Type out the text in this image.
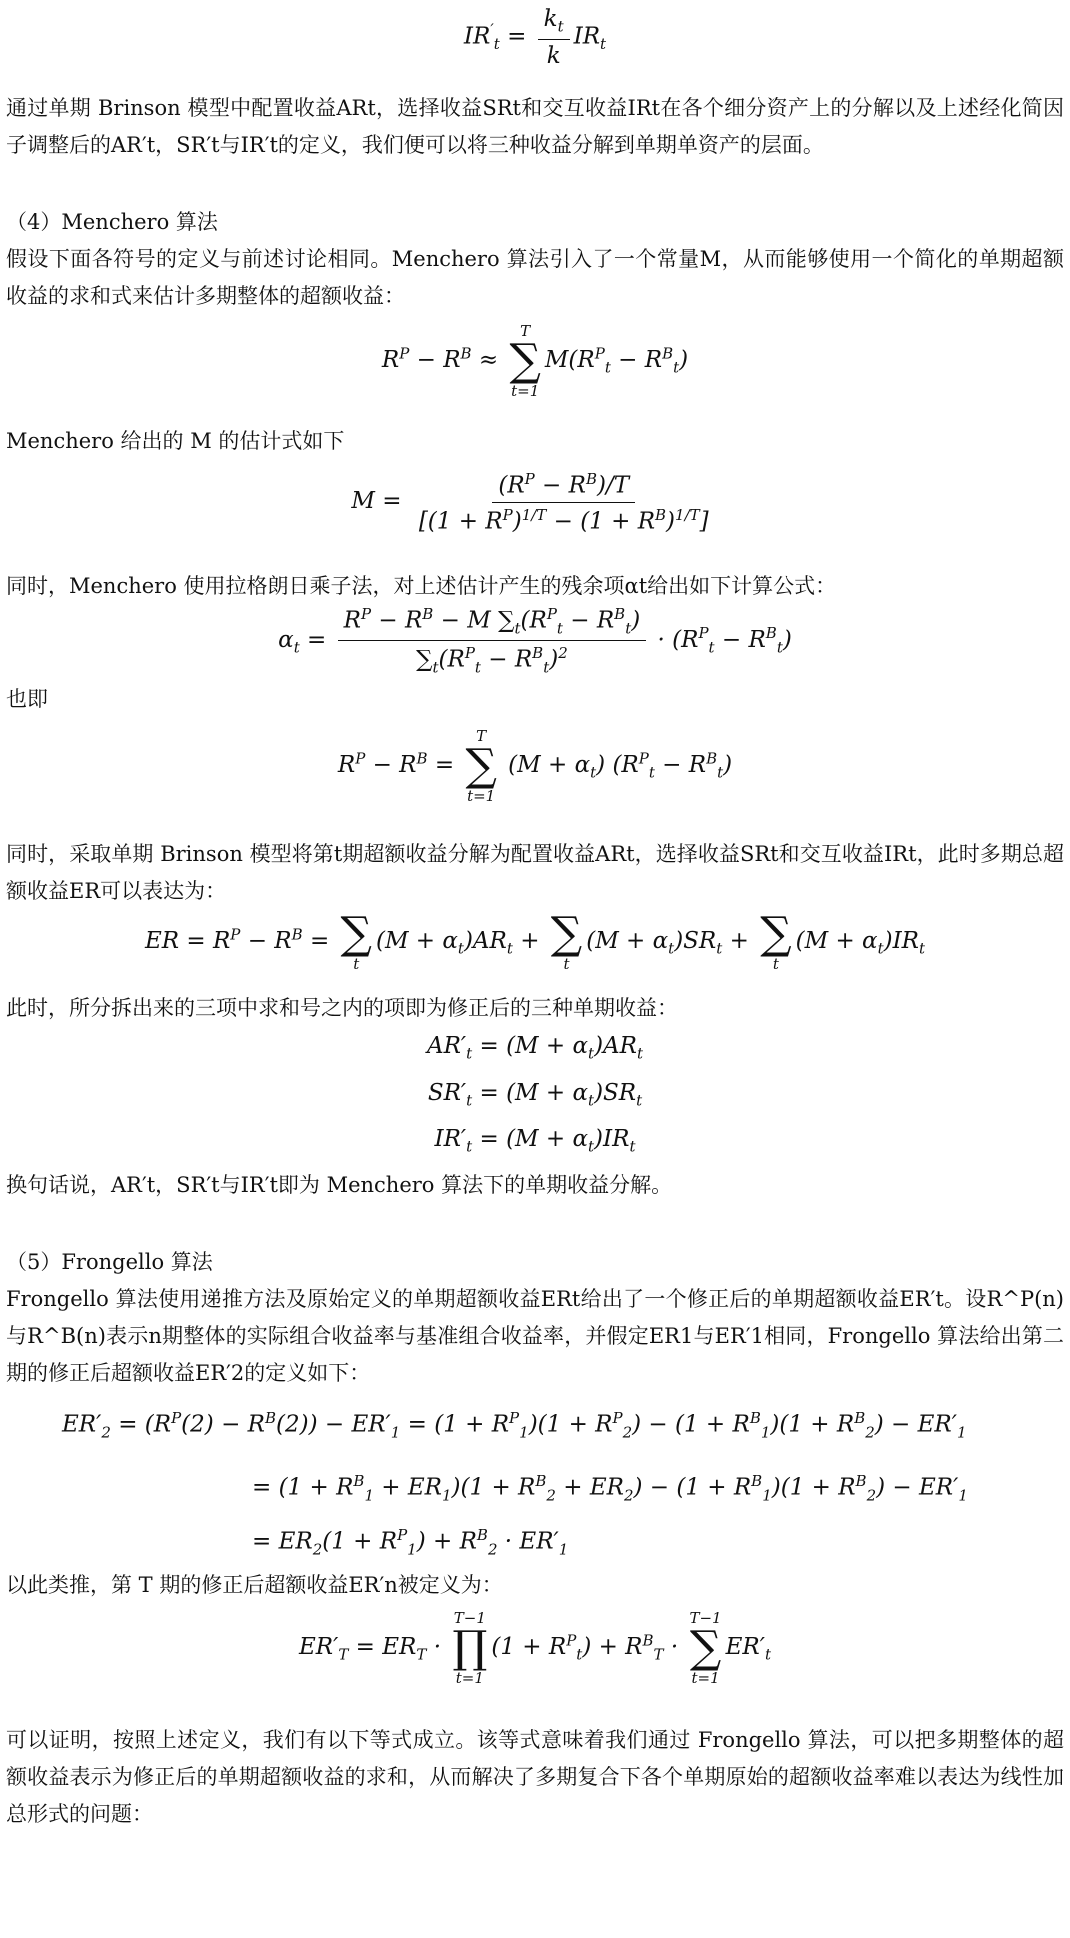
$IR'_t = \frac{k_t}{k} IR_t$

通过单期 Brinson 模型中配置收益ARt，选择收益SRt和交互收益IRt在各个细分资产上的分解以及上述经化简因子调整后的AR′t，SR′t与IR′t的定义，我们便可以将三种收益分解到单期单资产的层面。

（4）Menchero 算法

假设下面各符号的定义与前述讨论相同。Menchero 算法引入了一个常量M，从而能够使用一个简化的单期超额收益的求和式来估计多期整体的超额收益：

$R^P - R^B$ ≈
T
∑
t=1
$M(R^P_t - R^B_t)$

Menchero 给出的 M 的估计式如下

$M = \frac{(R^P - R^B)/T}{[(1 + R^P)^{1/T} - (1 + R^B)^{1/T}]}$

同时，Menchero 使用拉格朗日乘子法，对上述估计产生的残余项αt给出如下计算公式：

$\alpha_t = \frac{R^P - R^B - M \sum_t(R^P_t - R^B_t)}{\sum_t(R^P_t - R^B_t)^2} \cdot (R^P_t - R^B_t)$

也即

$R^P - R^B$ =
T
∑
t=1
$(M + \alpha_t)$ $(R^P_t - R^B_t)$

同时，采取单期 Brinson 模型将第t期超额收益分解为配置收益ARt，选择收益SRt和交互收益IRt，此时多期总超额收益ER可以表达为：

ER = $R^P - R^B$ = ∑
t
$(M + \alpha_t)AR_t$ + ∑
t
$(M + \alpha_t)SR_t$ + ∑
t
$(M + \alpha_t)IR_t$

此时，所分拆出来的三项中求和号之内的项即为修正后的三种单期收益：

$AR'_t = (M + \alpha_t)AR_t$
$SR'_t = (M + \alpha_t)SR_t$
$IR'_t = (M + \alpha_t)IR_t$

换句话说，AR′t，SR′t与IR′t即为 Menchero 算法下的单期收益分解。

（5）Frongello 算法

Frongello 算法使用递推方法及原始定义的单期超额收益ERt给出了一个修正后的单期超额收益ER′t。设R^P(n)与R^B(n)表示n期整体的实际组合收益率与基准组合收益率，并假定ER1与ER′1相同，Frongello 算法给出第二期的修正后超额收益ER′2的定义如下：

$ER'_2 = (R^P(2) - R^B(2)) - ER'_1 = (1 + R^P_1)(1 + R^P_2) - (1 + R^B_1)(1 + R^B_2) - ER'_1$
= $(1 + R^B_1 + ER_1)(1 + R^B_2 + ER_2) - (1 + R^B_1)(1 + R^B_2) - ER'_1$
= $ER_2(1 + R^P_1) + R^B_2 \cdot ER'_1$

以此类推，第 T 期的修正后超额收益ER′n被定义为：

$ER'_T = ER_T$ ·
T−1
∏
t=1
$(1 + R^P_t) + R^B_T$ ·
T−1
∑
t=1
$ER'_t$

可以证明，按照上述定义，我们有以下等式成立。该等式意味着我们通过 Frongello 算法，可以把多期整体的超额收益表示为修正后的单期超额收益的求和，从而解决了多期复合下各个单期原始的超额收益率难以表达为线性加总形式的问题：
